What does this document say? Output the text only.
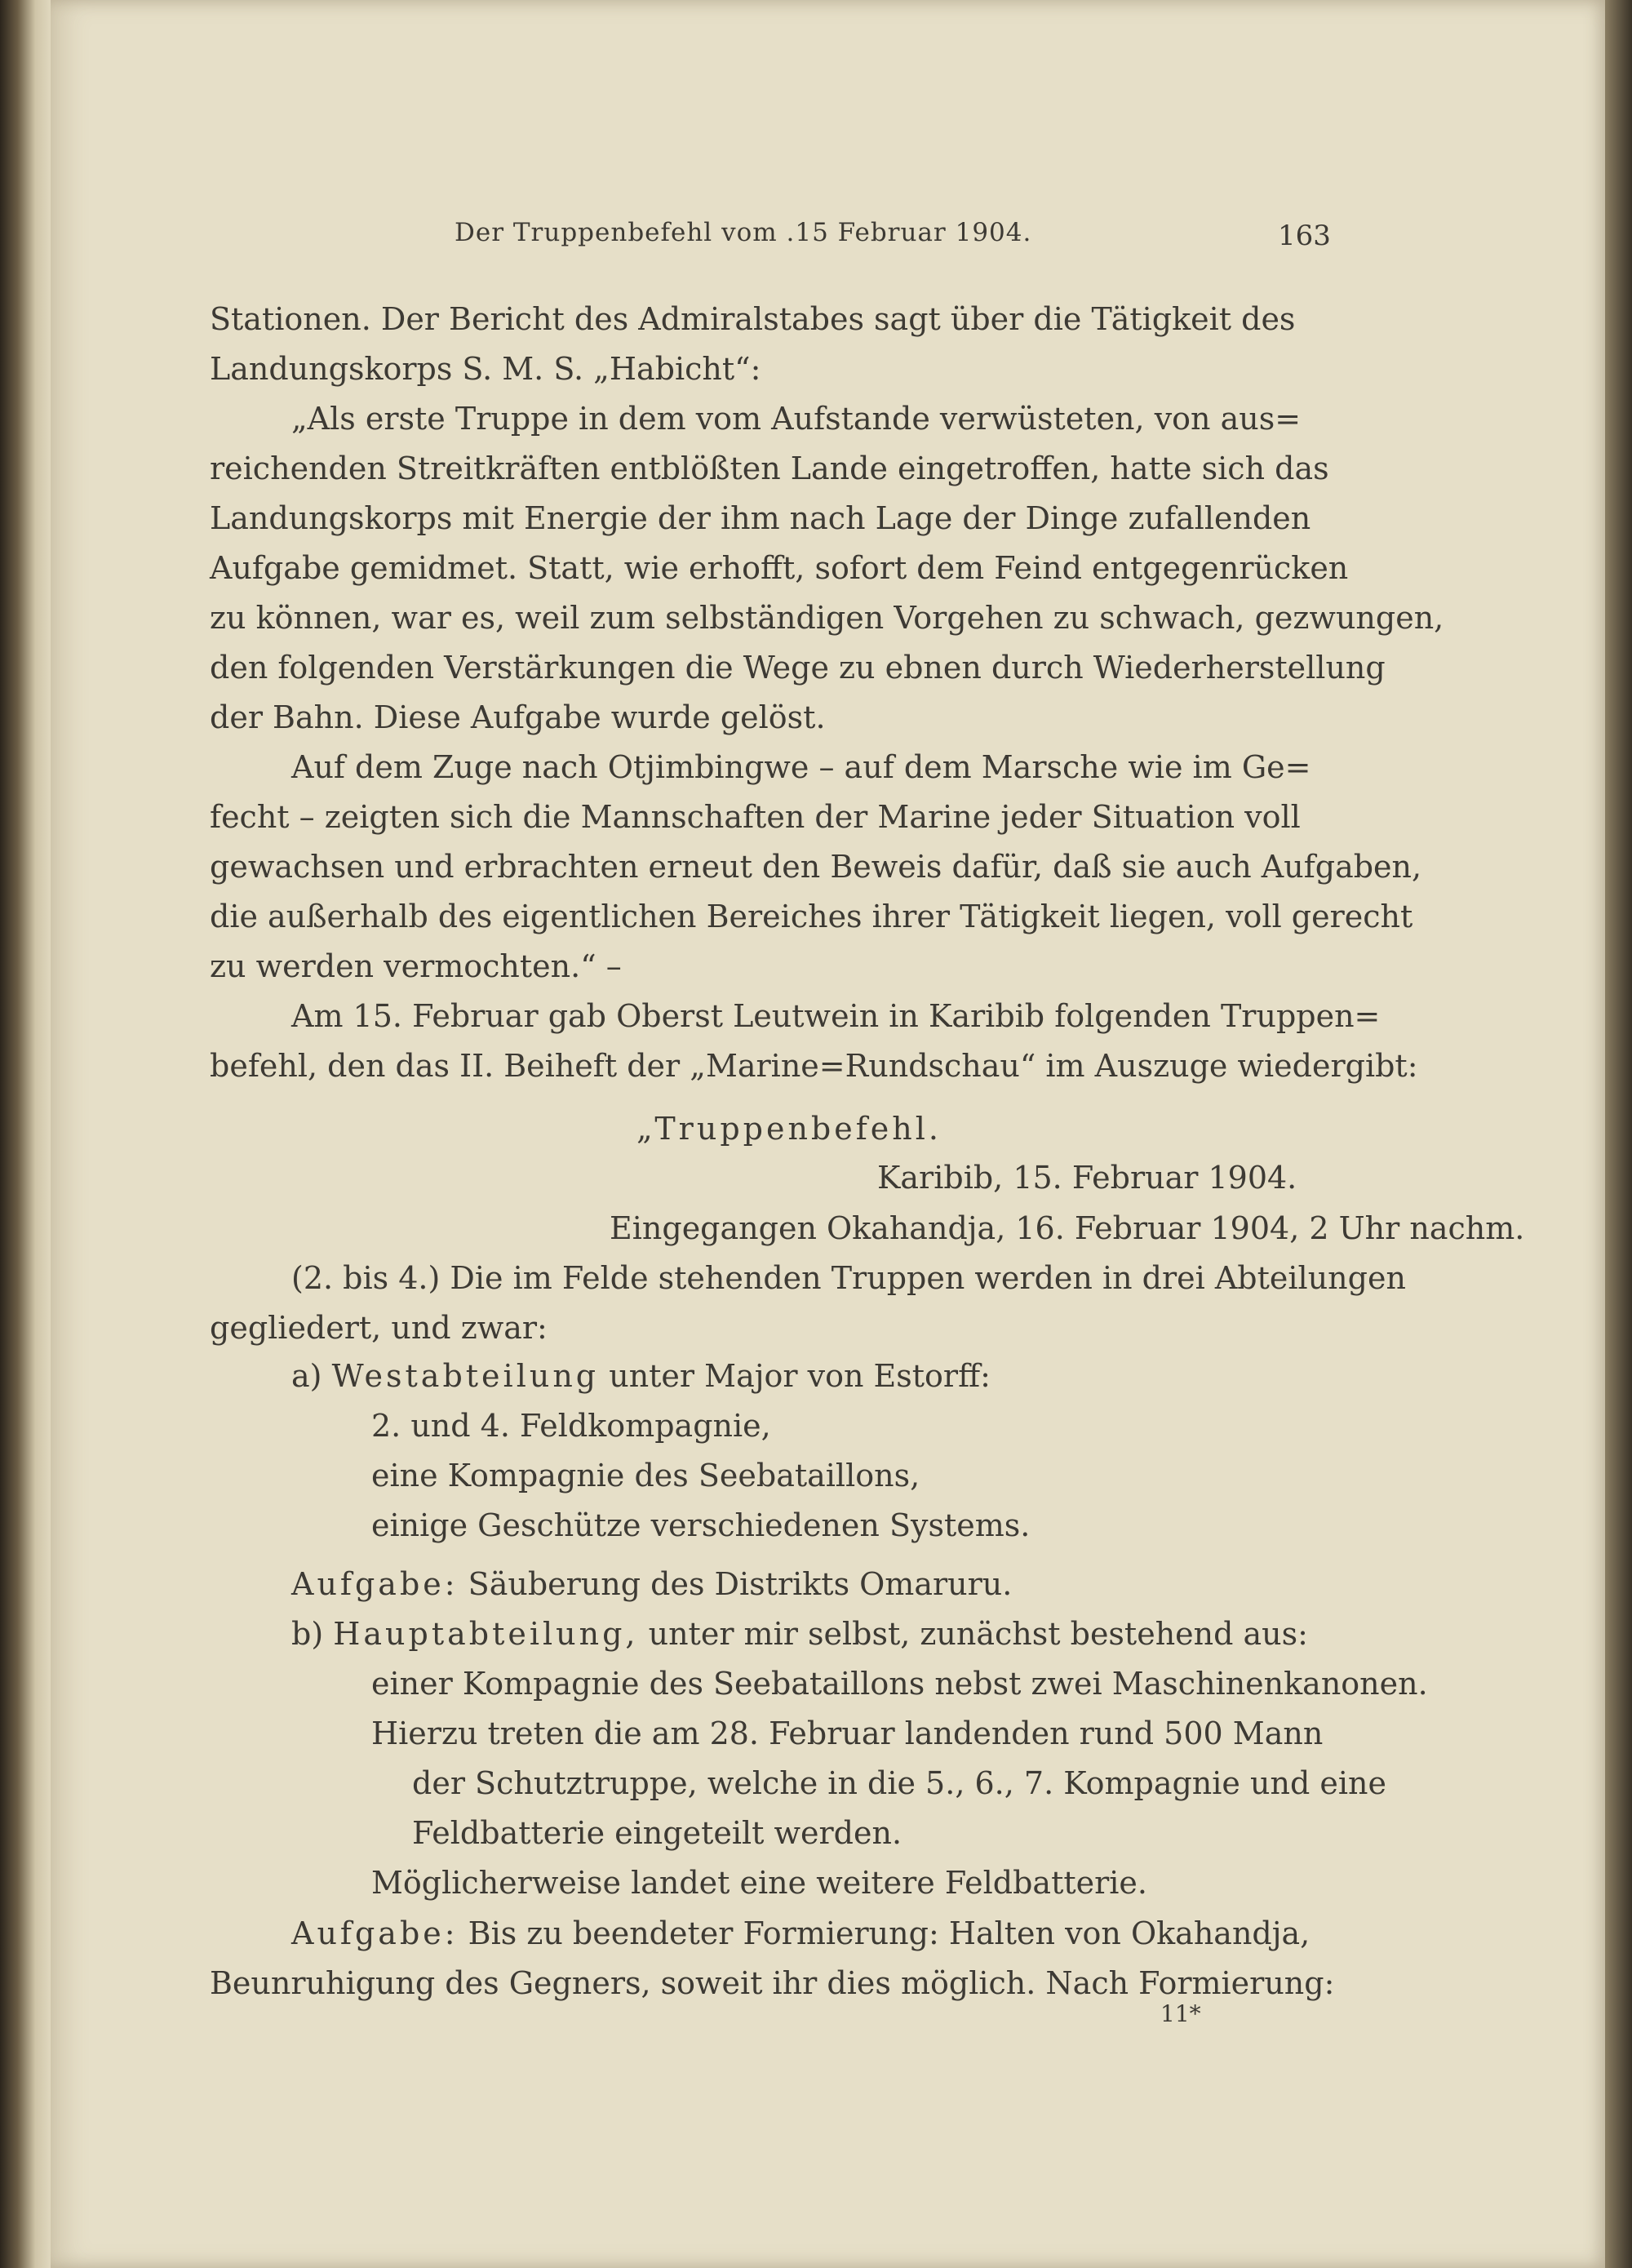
Der Truppenbefehl vom .15 Februar 1904.	163
Stationen. Der Bericht des Admiralstabes sagt über die Tätigkeit des
Landungskorps S. M. S. „Habicht“:
„Als erste Truppe in dem vom Aufstande verwüsteten, von aus=
reichenden Streitkräften entblößten Lande eingetroffen, hatte sich das
Landungskorps mit Energie der ihm nach Lage der Dinge zufallenden
Aufgabe gemidmet. Statt, wie erhofft, sofort dem Feind entgegenrücken
zu können, war es, weil zum selbständigen Vorgehen zu schwach, gezwungen,
den folgenden Verstärkungen die Wege zu ebnen durch Wiederherstellung
der Bahn. Diese Aufgabe wurde gelöst.
Auf dem Zuge nach Otjimbingwe – auf dem Marsche wie im Ge=
fecht – zeigten sich die Mannschaften der Marine jeder Situation voll
gewachsen und erbrachten erneut den Beweis dafür, daß sie auch Aufgaben,
die außerhalb des eigentlichen Bereiches ihrer Tätigkeit liegen, voll gerecht
zu werden vermochten.“ –
Am 15. Februar gab Oberst Leutwein in Karibib folgenden Truppen=
befehl, den das II. Beiheft der „Marine=Rundschau“ im Auszuge wiedergibt:
„Truppenbefehl.
Karibib, 15. Februar 1904.
Eingegangen Okahandja, 16. Februar 1904, 2 Uhr nachm.
(2. bis 4.) Die im Felde stehenden Truppen werden in drei Abteilungen
gegliedert, und zwar:
a) Westabteilung unter Major von Estorff:
2. und 4. Feldkompagnie,
eine Kompagnie des Seebataillons,
einige Geschütze verschiedenen Systems.
Aufgabe: Säuberung des Distrikts Omaruru.
b) Hauptabteilung, unter mir selbst, zunächst bestehend aus:
einer Kompagnie des Seebataillons nebst zwei Maschinenkanonen.
Hierzu treten die am 28. Februar landenden rund 500 Mann
der Schutztruppe, welche in die 5., 6., 7. Kompagnie und eine
Feldbatterie eingeteilt werden.
Möglicherweise landet eine weitere Feldbatterie.
Aufgabe: Bis zu beendeter Formierung: Halten von Okahandja,
Beunruhigung des Gegners, soweit ihr dies möglich. Nach Formierung:
11*
